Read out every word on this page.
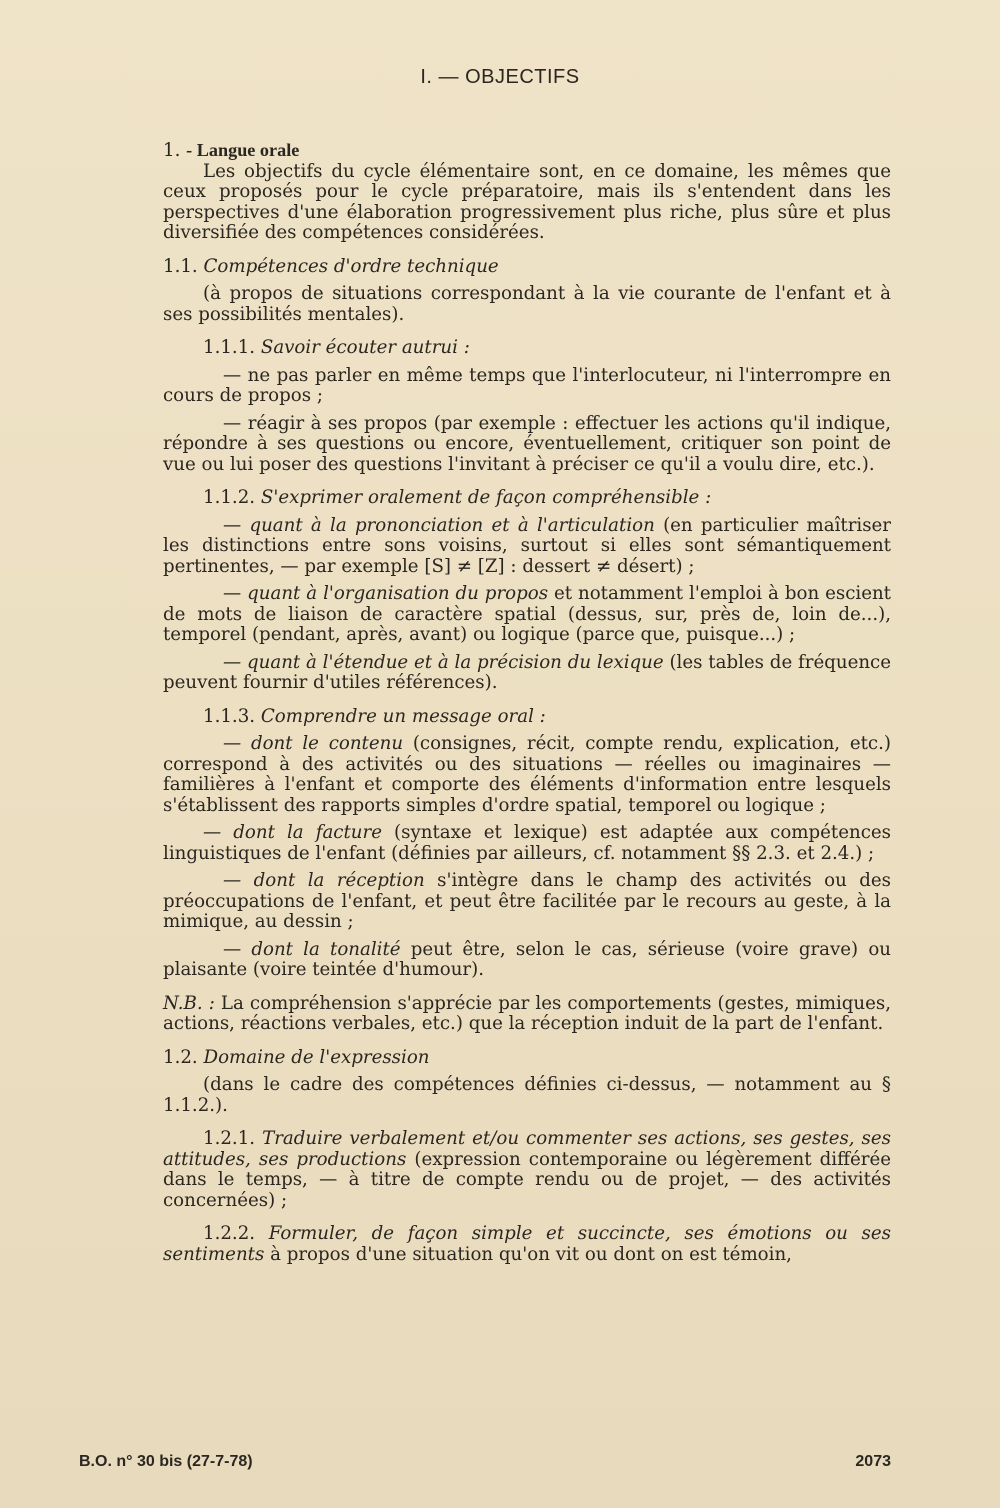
I. — OBJECTIFS

1. - Langue orale

Les objectifs du cycle élémentaire sont, en ce domaine, les mêmes que ceux proposés pour le cycle préparatoire, mais ils s'entendent dans les perspectives d'une élaboration progressivement plus riche, plus sûre et plus diversifiée des compétences considérées.

1.1. Compétences d'ordre technique

(à propos de situations correspondant à la vie courante de l'enfant et à ses possibilités mentales).

1.1.1. Savoir écouter autrui :

— ne pas parler en même temps que l'interlocuteur, ni l'interrompre en cours de propos ;

— réagir à ses propos (par exemple : effectuer les actions qu'il indique, répondre à ses questions ou encore, éventuellement, critiquer son point de vue ou lui poser des questions l'invitant à préciser ce qu'il a voulu dire, etc.).

1.1.2. S'exprimer oralement de façon compréhensible :

— quant à la prononciation et à l'articulation (en particulier maîtriser les distinctions entre sons voisins, surtout si elles sont sémantiquement pertinentes, — par exemple [S] ≠ [Z] : dessert ≠ désert) ;

— quant à l'organisation du propos et notamment l'emploi à bon escient de mots de liaison de caractère spatial (dessus, sur, près de, loin de...), temporel (pendant, après, avant) ou logique (parce que, puisque...) ;

— quant à l'étendue et à la précision du lexique (les tables de fréquence peuvent fournir d'utiles références).

1.1.3. Comprendre un message oral :

— dont le contenu (consignes, récit, compte rendu, explication, etc.) correspond à des activités ou des situations — réelles ou imaginaires — familières à l'enfant et comporte des éléments d'information entre lesquels s'établissent des rapports simples d'ordre spatial, temporel ou logique ;

— dont la facture (syntaxe et lexique) est adaptée aux compétences linguistiques de l'enfant (définies par ailleurs, cf. notamment §§ 2.3. et 2.4.) ;

— dont la réception s'intègre dans le champ des activités ou des préoccupations de l'enfant, et peut être facilitée par le recours au geste, à la mimique, au dessin ;

— dont la tonalité peut être, selon le cas, sérieuse (voire grave) ou plaisante (voire teintée d'humour).

N.B. : La compréhension s'apprécie par les comportements (gestes, mimiques, actions, réactions verbales, etc.) que la réception induit de la part de l'enfant.

1.2. Domaine de l'expression

(dans le cadre des compétences définies ci-dessus, — notamment au § 1.1.2.).

1.2.1. Traduire verbalement et/ou commenter ses actions, ses gestes, ses attitudes, ses productions (expression contemporaine ou légèrement différée dans le temps, — à titre de compte rendu ou de projet, — des activités concernées) ;

1.2.2. Formuler, de façon simple et succincte, ses émotions ou ses sentiments à propos d'une situation qu'on vit ou dont on est témoin,

B.O. n° 30 bis (27-7-78)	2073
